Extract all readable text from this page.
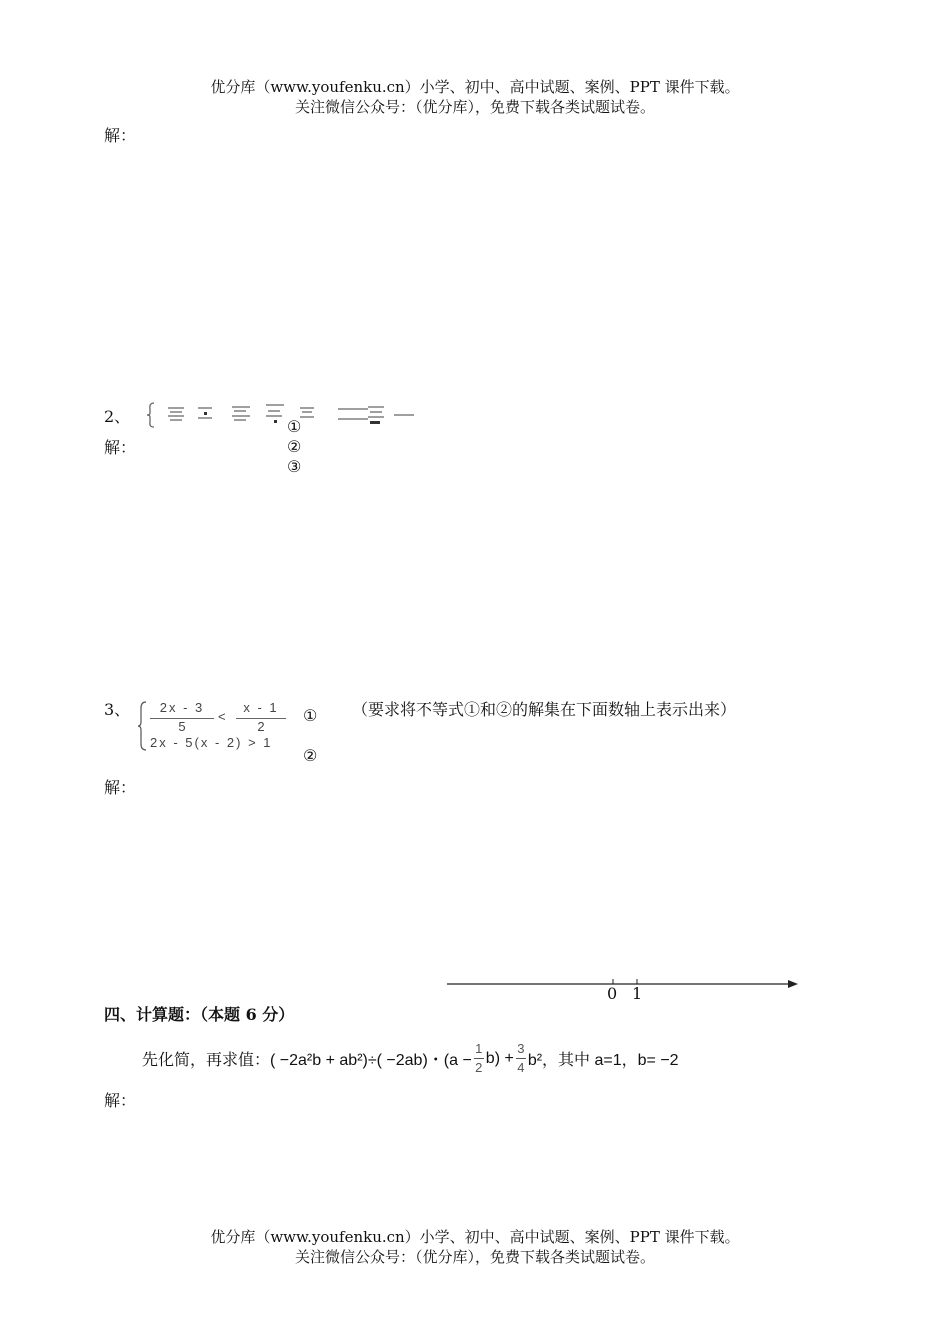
优分库（www.youfenku.cn）小学、初中、高中试题、案例、PPT 课件下载。
关注微信公众号：（优分库），免费下载各类试题试卷。
解：
2、
①
②
③
解：
3、	2x - 3
5
<
x - 1
2
①
2x - 5(x - 2) > 1
②
（要求将不等式①和②的解集在下面数轴上表示出来）
解：
0 1
四、计算题：（本题 6 分）
先化简，再求值： ( −2a²b + ab²)÷( −2ab)・$(a - \frac{1}{2} b) + \frac{3}{4} b^2$，其中 a=1，b= −2
解：
优分库（www.youfenku.cn）小学、初中、高中试题、案例、PPT 课件下载。
关注微信公众号：（优分库），免费下载各类试题试卷。
